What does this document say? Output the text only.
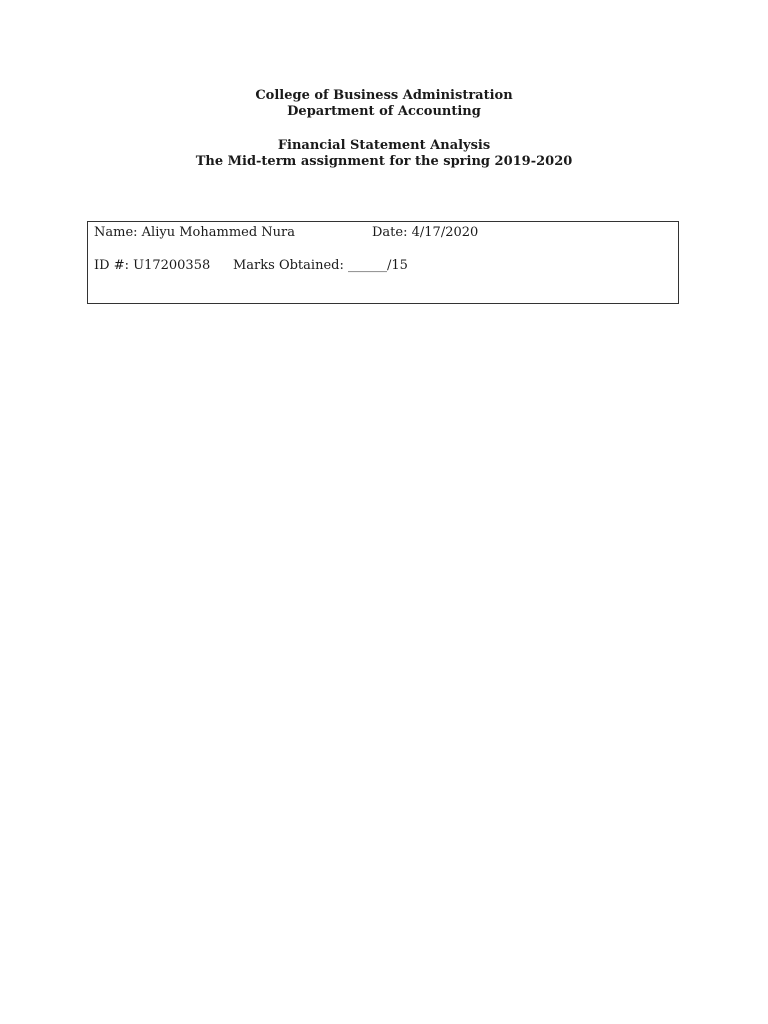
College of Business Administration
Department of Accounting
Financial Statement Analysis
The Mid-term assignment for the spring 2019-2020
Name: Aliyu Mohammed Nura	Date: 4/17/2020
ID #: U17200358 Marks Obtained: ______/15
